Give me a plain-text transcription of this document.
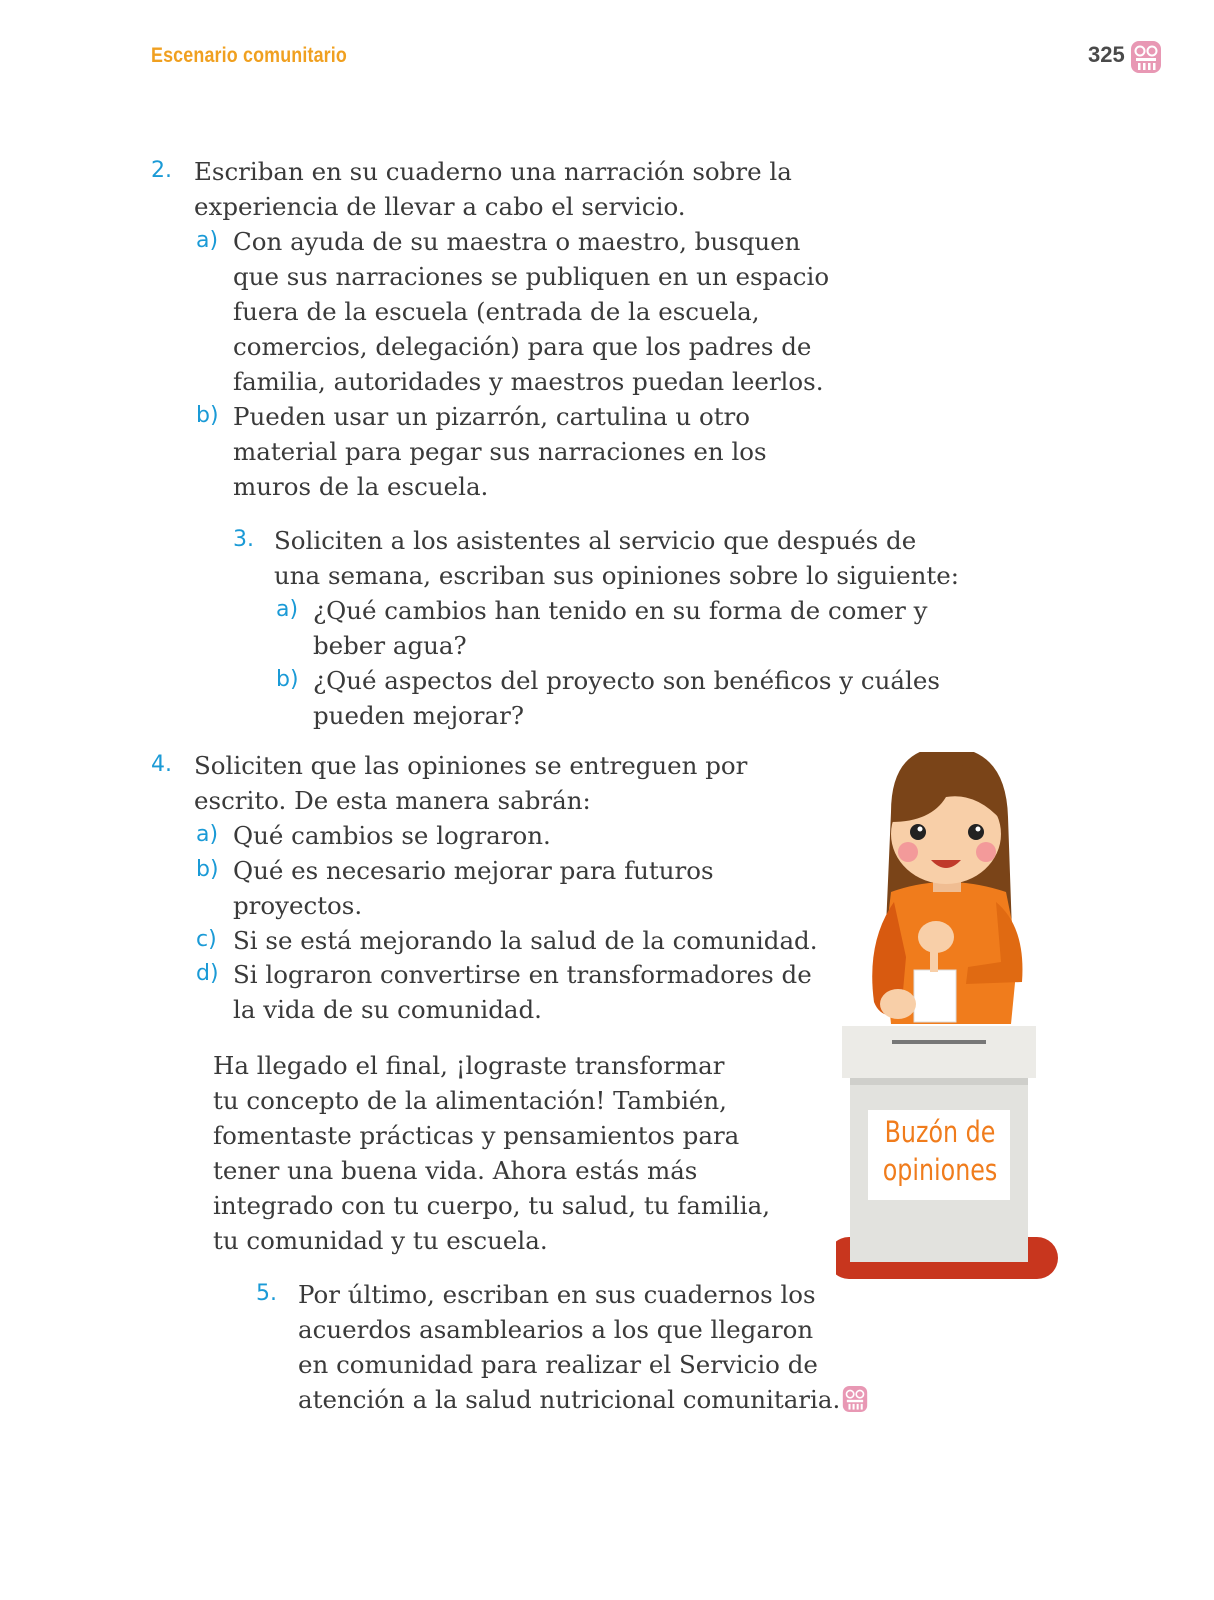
Escenario comunitario	325
2. Escriban en su cuaderno una narración sobre la
experiencia de llevar a cabo el servicio.
a) Con ayuda de su maestra o maestro, busquen
que sus narraciones se publiquen en un espacio
fuera de la escuela (entrada de la escuela,
comercios, delegación) para que los padres de
familia, autoridades y maestros puedan leerlos.
b) Pueden usar un pizarrón, cartulina u otro
material para pegar sus narraciones en los
muros de la escuela.
3. Soliciten a los asistentes al servicio que después de
una semana, escriban sus opiniones sobre lo siguiente:
a) ¿Qué cambios han tenido en su forma de comer y
beber agua?
b) ¿Qué aspectos del proyecto son benéficos y cuáles
pueden mejorar?
4. Soliciten que las opiniones se entreguen por
escrito. De esta manera sabrán:
a) Qué cambios se lograron.
b) Qué es necesario mejorar para futuros
proyectos.
c) Si se está mejorando la salud de la comunidad.
d) Si lograron convertirse en transformadores de
la vida de su comunidad.
Ha llegado el final, ¡lograste transformar
tu concepto de la alimentación! También,
fomentaste prácticas y pensamientos para
tener una buena vida. Ahora estás más
integrado con tu cuerpo, tu salud, tu familia,
tu comunidad y tu escuela.
5. Por último, escriban en sus cuadernos los
acuerdos asamblearios a los que llegaron
en comunidad para realizar el Servicio de
atención a la salud nutricional comunitaria.
Buzón de
opiniones
